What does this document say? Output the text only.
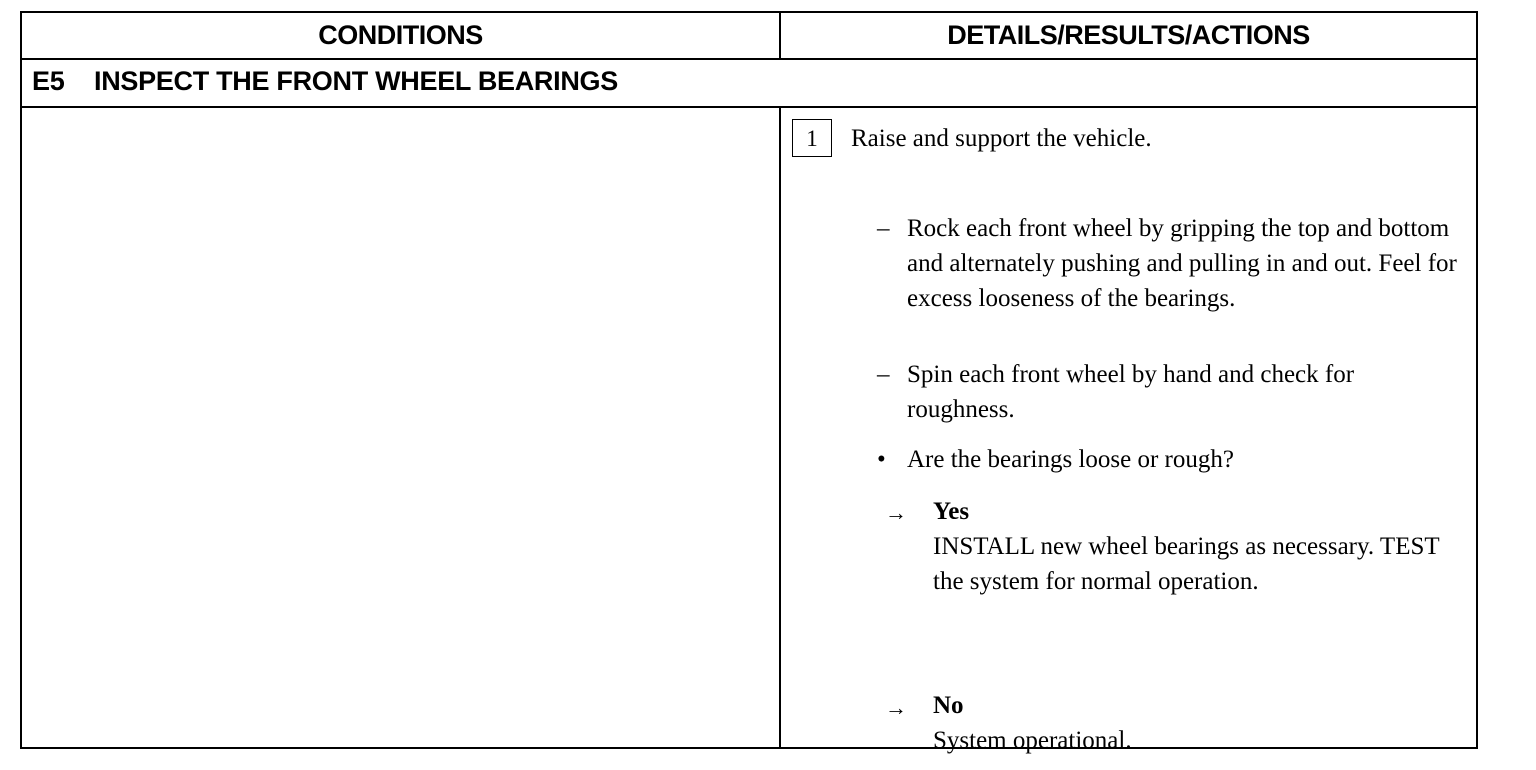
CONDITIONS	DETAILS/RESULTS/ACTIONS
E5 INSPECT THE FRONT WHEEL BEARINGS
1	Raise and support the vehicle.
– Rock each front wheel by gripping the top and bottom and alternately pushing and pulling in and out. Feel for excess looseness of the bearings.
– Spin each front wheel by hand and check for roughness.
• Are the bearings loose or rough?
→	Yes
INSTALL new wheel bearings as necessary. TEST the system for normal operation.
→	No
System operational.
